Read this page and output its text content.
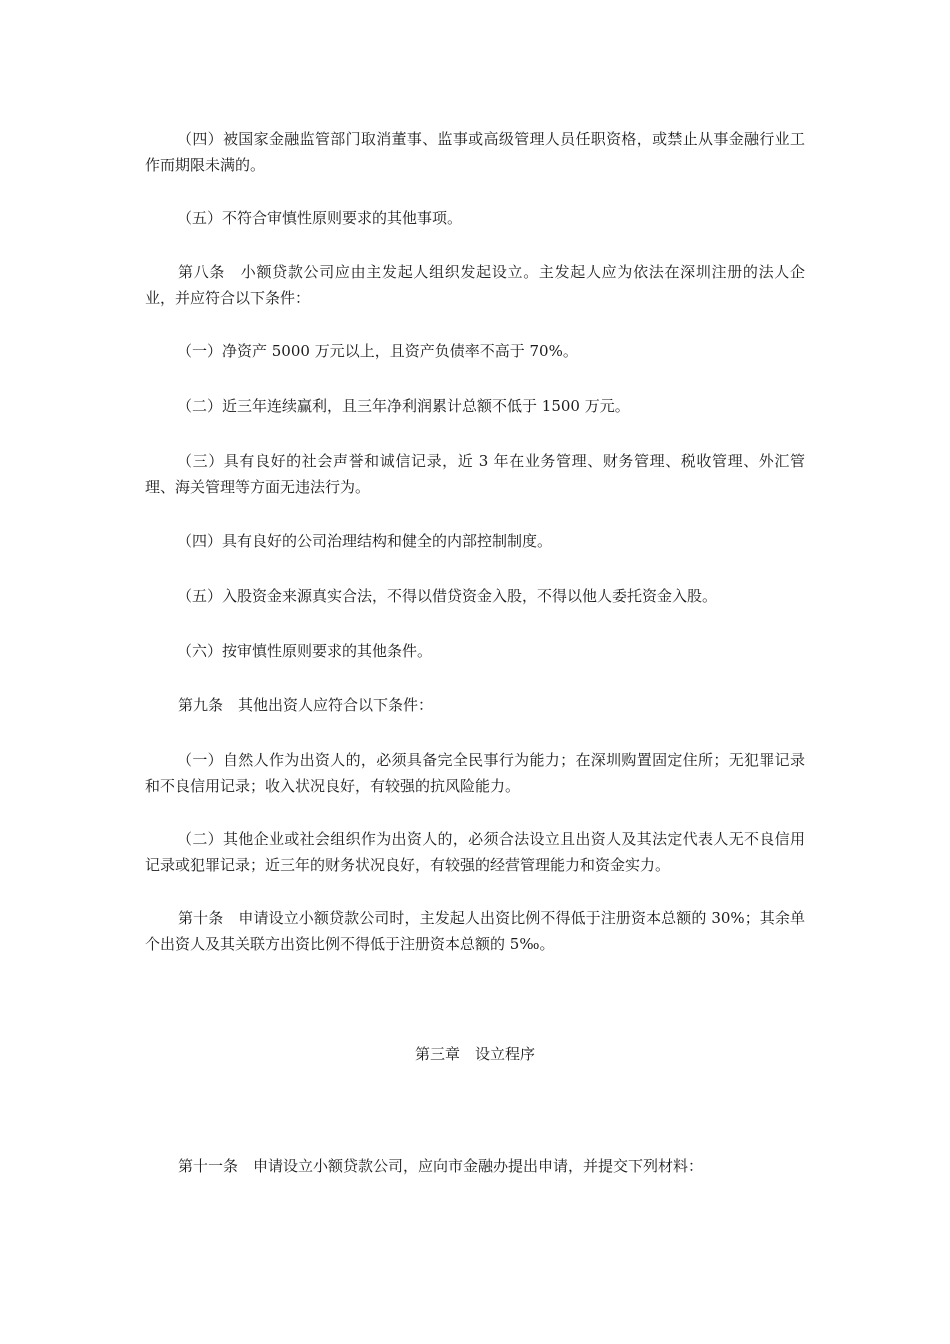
（四）被国家金融监管部门取消董事、监事或高级管理人员任职资格，或禁止从事金融行业工作而期限未满的。

（五）不符合审慎性原则要求的其他事项。

第八条　小额贷款公司应由主发起人组织发起设立。主发起人应为依法在深圳注册的法人企业，并应符合以下条件：

（一）净资产 5000 万元以上，且资产负债率不高于 70%。

（二）近三年连续赢利，且三年净利润累计总额不低于 1500 万元。

（三）具有良好的社会声誉和诚信记录，近 3 年在业务管理、财务管理、税收管理、外汇管理、海关管理等方面无违法行为。

（四）具有良好的公司治理结构和健全的内部控制制度。

（五）入股资金来源真实合法，不得以借贷资金入股，不得以他人委托资金入股。

（六）按审慎性原则要求的其他条件。

第九条　其他出资人应符合以下条件：

（一）自然人作为出资人的，必须具备完全民事行为能力；在深圳购置固定住所；无犯罪记录和不良信用记录；收入状况良好，有较强的抗风险能力。

（二）其他企业或社会组织作为出资人的，必须合法设立且出资人及其法定代表人无不良信用记录或犯罪记录；近三年的财务状况良好，有较强的经营管理能力和资金实力。

第十条　申请设立小额贷款公司时，主发起人出资比例不得低于注册资本总额的 30%；其余单个出资人及其关联方出资比例不得低于注册资本总额的 5‰。

第三章　设立程序

第十一条　申请设立小额贷款公司，应向市金融办提出申请，并提交下列材料：
